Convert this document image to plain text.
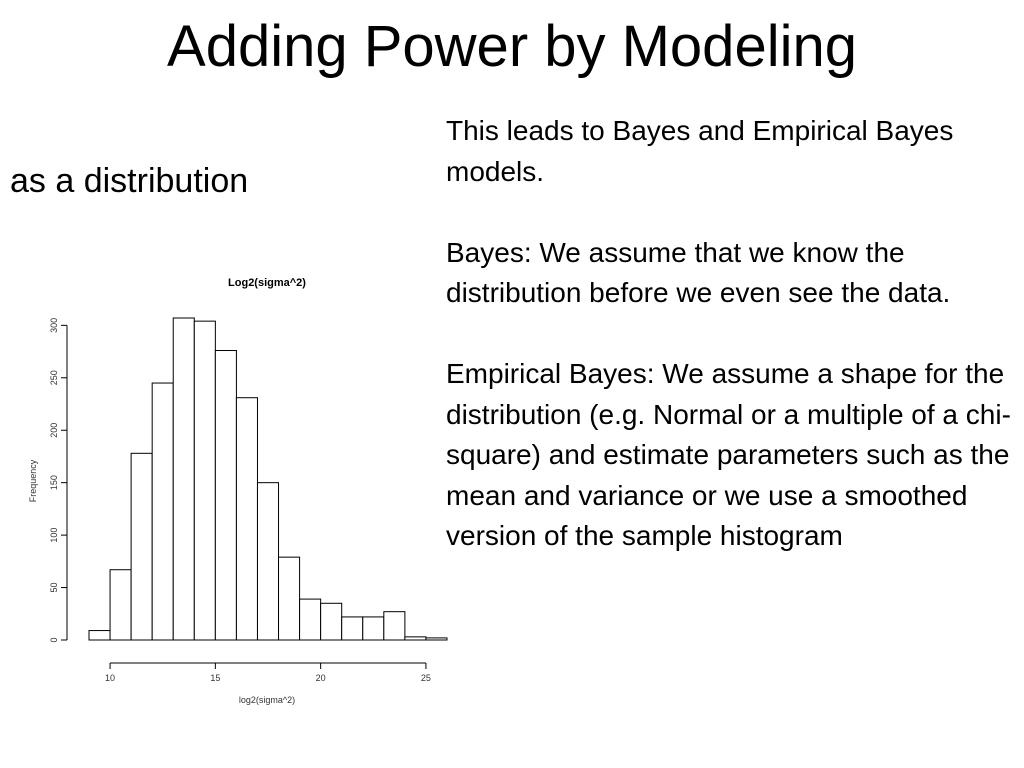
Adding Power by Modeling
as a distribution

This leads to Bayes and Empirical Bayes models.

Bayes: We assume that we know the distribution before we even see the data.

Empirical Bayes: We assume a shape for the distribution (e.g. Normal or a multiple of a chi-square) and estimate parameters such as the mean and variance or we use a smoothed version of the sample histogram

Log2(sigma^2)
0
50
100
150
200
250
300
10	15	20	25
Frequency
log2(sigma^2)
